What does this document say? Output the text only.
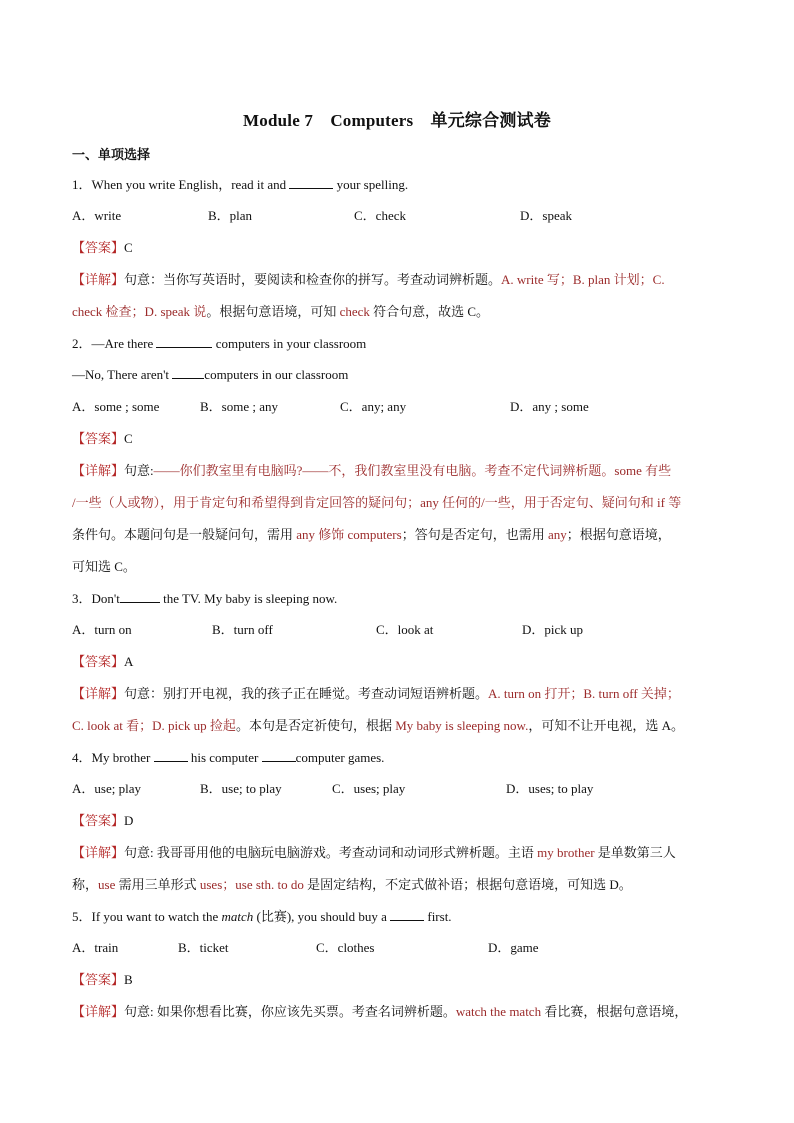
Module 7　Computers　单元综合测试卷
一、单项选择
1．When you write English，read it and	your spelling.
A．write	B．plan	C．check	D．speak
【答案】C
【详解】句意：当你写英语时，要阅读和检查你的拼写。考查动词辨析题。A. write 写；B. plan 计划；C.
check 检查；D. speak 说。根据句意语境，可知 check 符合句意，故选 C。
2．—Are there	computers in your classroom
—No, There aren't computers in our classroom
A．some ; some	B．some ; any	C．any; any	D．any ; some
【答案】C
【详解】句意:——你们教室里有电脑吗?——不，我们教室里没有电脑。考查不定代词辨析题。some 有些
/一些（人或物），用于肯定句和希望得到肯定回答的疑问句；any 任何的/一些，用于否定句、疑问句和 if 等
条件句。本题问句是一般疑问句，需用 any 修饰 computers；答句是否定句，也需用 any；根据句意语境，
可知选 C。
3．Don't	the TV. My baby is sleeping now.
A．turn on	B．turn off	C．look at	D．pick up
【答案】A
【详解】句意：别打开电视，我的孩子正在睡觉。考查动词短语辨析题。A. turn on 打开；B. turn off 关掉；
C. look at 看；D. pick up 捡起。本句是否定祈使句，根据 My baby is sleeping now.，可知不让开电视，选 A。
4．My brother	his computer	computer games.
A．use; play	B．use; to play	C．uses; play	D．uses; to play
【答案】D
【详解】句意: 我哥哥用他的电脑玩电脑游戏。考查动词和动词形式辨析题。主语 my brother 是单数第三人
称，use 需用三单形式 uses；use sth. to do 是固定结构，不定式做补语；根据句意语境，可知选 D。
5．If you want to watch the match (比赛), you should buy a	first.
A．train	B．ticket	C．clothes	D．game
【答案】B
【详解】句意: 如果你想看比赛，你应该先买票。考查名词辨析题。watch the match 看比赛，根据句意语境，
